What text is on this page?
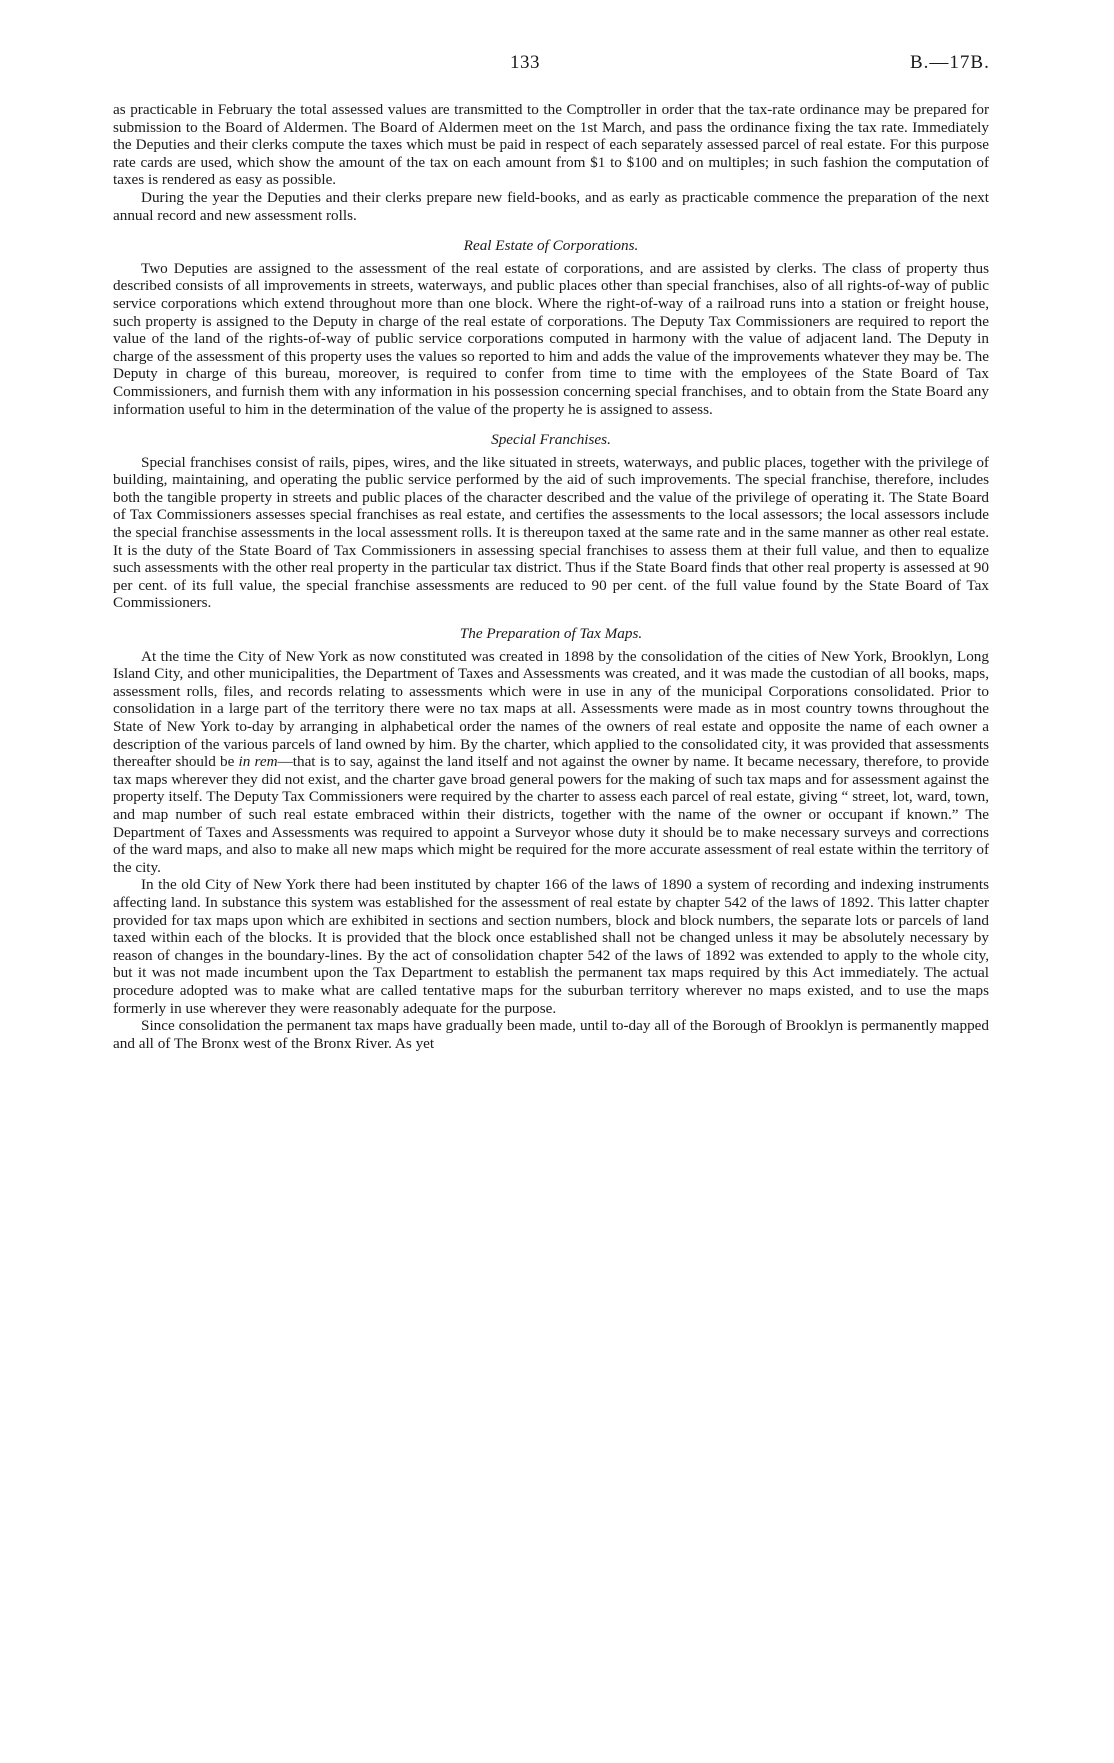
133	B.—17B.

as practicable in February the total assessed values are transmitted to the Comptroller in order that the tax-rate ordinance may be prepared for submission to the Board of Aldermen. The Board of Aldermen meet on the 1st March, and pass the ordinance fixing the tax rate. Immediately the Deputies and their clerks compute the taxes which must be paid in respect of each separately assessed parcel of real estate. For this purpose rate cards are used, which show the amount of the tax on each amount from $1 to $100 and on multiples; in such fashion the computation of taxes is rendered as easy as possible.

During the year the Deputies and their clerks prepare new field-books, and as early as practicable commence the preparation of the next annual record and new assessment rolls.

Real Estate of Corporations.

Two Deputies are assigned to the assessment of the real estate of corporations, and are assisted by clerks. The class of property thus described consists of all improvements in streets, waterways, and public places other than special franchises, also of all rights-of-way of public service corporations which extend throughout more than one block. Where the right-of-way of a railroad runs into a station or freight house, such property is assigned to the Deputy in charge of the real estate of corporations. The Deputy Tax Commissioners are required to report the value of the land of the rights-of-way of public service corporations computed in harmony with the value of adjacent land. The Deputy in charge of the assessment of this property uses the values so reported to him and adds the value of the improvements whatever they may be. The Deputy in charge of this bureau, moreover, is required to confer from time to time with the employees of the State Board of Tax Commissioners, and furnish them with any information in his possession concerning special franchises, and to obtain from the State Board any information useful to him in the determination of the value of the property he is assigned to assess.

Special Franchises.

Special franchises consist of rails, pipes, wires, and the like situated in streets, waterways, and public places, together with the privilege of building, maintaining, and operating the public service performed by the aid of such improvements. The special franchise, therefore, includes both the tangible property in streets and public places of the character described and the value of the privilege of operating it. The State Board of Tax Commissioners assesses special franchises as real estate, and certifies the assessments to the local assessors; the local assessors include the special franchise assessments in the local assessment rolls. It is thereupon taxed at the same rate and in the same manner as other real estate. It is the duty of the State Board of Tax Commissioners in assessing special franchises to assess them at their full value, and then to equalize such assessments with the other real property in the particular tax district. Thus if the State Board finds that other real property is assessed at 90 per cent. of its full value, the special franchise assessments are reduced to 90 per cent. of the full value found by the State Board of Tax Commissioners.

The Preparation of Tax Maps.

At the time the City of New York as now constituted was created in 1898 by the consolidation of the cities of New York, Brooklyn, Long Island City, and other municipalities, the Department of Taxes and Assessments was created, and it was made the custodian of all books, maps, assessment rolls, files, and records relating to assessments which were in use in any of the municipal Corporations consolidated. Prior to consolidation in a large part of the territory there were no tax maps at all. Assessments were made as in most country towns throughout the State of New York to-day by arranging in alphabetical order the names of the owners of real estate and opposite the name of each owner a description of the various parcels of land owned by him. By the charter, which applied to the consolidated city, it was provided that assessments thereafter should be in rem—that is to say, against the land itself and not against the owner by name. It became necessary, therefore, to provide tax maps wherever they did not exist, and the charter gave broad general powers for the making of such tax maps and for assessment against the property itself. The Deputy Tax Commissioners were required by the charter to assess each parcel of real estate, giving “ street, lot, ward, town, and map number of such real estate embraced within their districts, together with the name of the owner or occupant if known.” The Department of Taxes and Assessments was required to appoint a Surveyor whose duty it should be to make necessary surveys and corrections of the ward maps, and also to make all new maps which might be required for the more accurate assessment of real estate within the territory of the city.

In the old City of New York there had been instituted by chapter 166 of the laws of 1890 a system of recording and indexing instruments affecting land. In substance this system was established for the assessment of real estate by chapter 542 of the laws of 1892. This latter chapter provided for tax maps upon which are exhibited in sections and section numbers, block and block numbers, the separate lots or parcels of land taxed within each of the blocks. It is provided that the block once established shall not be changed unless it may be absolutely necessary by reason of changes in the boundary-lines. By the act of consolidation chapter 542 of the laws of 1892 was extended to apply to the whole city, but it was not made incumbent upon the Tax Department to establish the permanent tax maps required by this Act immediately. The actual procedure adopted was to make what are called tentative maps for the suburban territory wherever no maps existed, and to use the maps formerly in use wherever they were reasonably adequate for the purpose.

Since consolidation the permanent tax maps have gradually been made, until to-day all of the Borough of Brooklyn is permanently mapped and all of The Bronx west of the Bronx River. As yet
